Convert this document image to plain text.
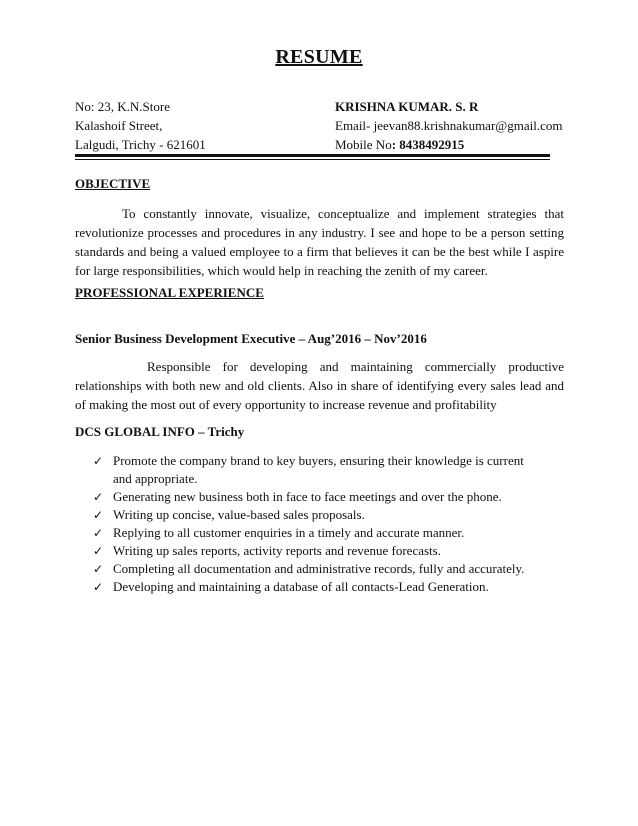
RESUME
No: 23, K.N.Store
Kalashoif Street,
Lalgudi, Trichy - 621601
KRISHNA KUMAR. S. R
Email- jeevan88.krishnakumar@gmail.com
Mobile No: 8438492915
OBJECTIVE
To constantly innovate, visualize, conceptualize and implement strategies that revolutionize processes and procedures in any industry. I see and hope to be a person setting standards and being a valued employee to a firm that believes it can be the best while I aspire for large responsibilities, which would help in reaching the zenith of my career.
PROFESSIONAL EXPERIENCE
Senior Business Development Executive – Aug’2016 – Nov’2016
Responsible for developing and maintaining commercially productive relationships with both new and old clients. Also in share of identifying every sales lead and of making the most out of every opportunity to increase revenue and profitability
DCS GLOBAL INFO – Trichy
✓ Promote the company brand to key buyers, ensuring their knowledge is current and appropriate.
✓ Generating new business both in face to face meetings and over the phone.
✓ Writing up concise, value-based sales proposals.
✓ Replying to all customer enquiries in a timely and accurate manner.
✓ Writing up sales reports, activity reports and revenue forecasts.
✓ Completing all documentation and administrative records, fully and accurately.
✓ Developing and maintaining a database of all contacts-Lead Generation.
